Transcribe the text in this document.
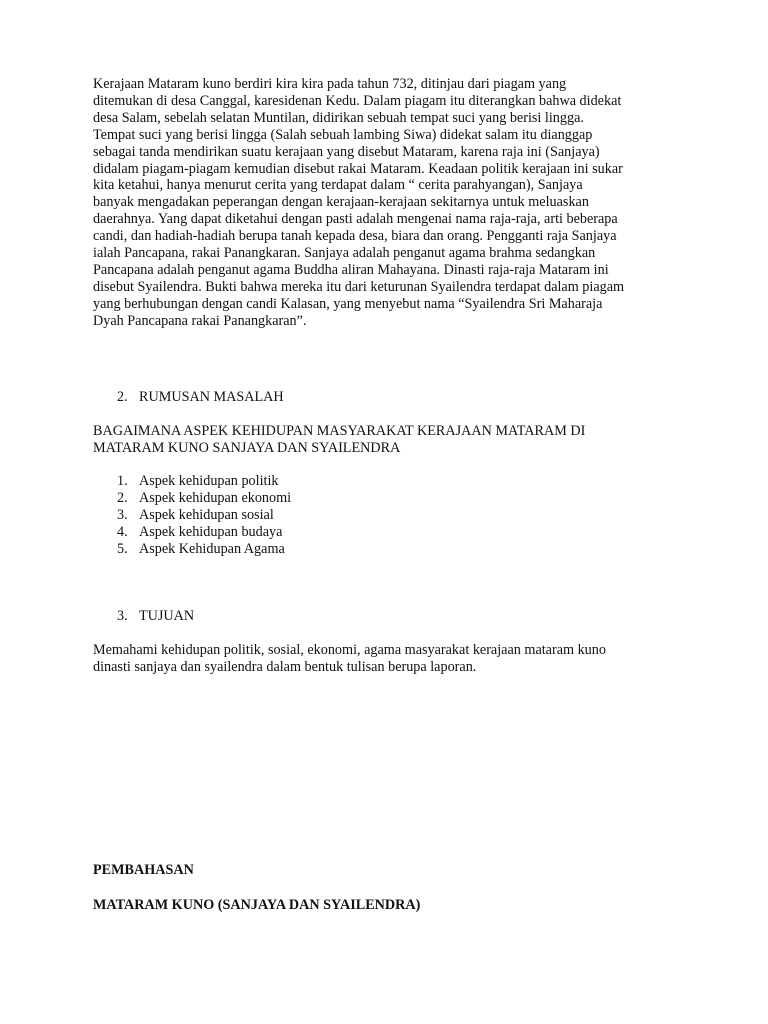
Kerajaan Mataram kuno berdiri kira kira pada tahun 732, ditinjau dari piagam yang
ditemukan di desa Canggal, karesidenan Kedu. Dalam piagam itu diterangkan bahwa didekat
desa Salam, sebelah selatan Muntilan, didirikan sebuah tempat suci yang berisi lingga.
Tempat suci yang berisi lingga (Salah sebuah lambing Siwa) didekat salam itu dianggap
sebagai tanda mendirikan suatu kerajaan yang disebut Mataram, karena raja ini (Sanjaya)
didalam piagam-piagam kemudian disebut rakai Mataram. Keadaan politik kerajaan ini sukar
kita ketahui, hanya menurut cerita yang terdapat dalam “ cerita parahyangan), Sanjaya
banyak mengadakan peperangan dengan kerajaan-kerajaan sekitarnya untuk meluaskan
daerahnya. Yang dapat diketahui dengan pasti adalah mengenai nama raja-raja, arti beberapa
candi, dan hadiah-hadiah berupa tanah kepada desa, biara dan orang. Pengganti raja Sanjaya
ialah Pancapana, rakai Panangkaran. Sanjaya adalah penganut agama brahma sedangkan
Pancapana adalah penganut agama Buddha aliran Mahayana. Dinasti raja-raja Mataram ini
disebut Syailendra. Bukti bahwa mereka itu dari keturunan Syailendra terdapat dalam piagam
yang berhubungan dengan candi Kalasan, yang menyebut nama “Syailendra Sri Maharaja
Dyah Pancapana rakai Panangkaran”.

2. RUMUSAN MASALAH

BAGAIMANA ASPEK KEHIDUPAN MASYARAKAT KERAJAAN MATARAM DI
MATARAM KUNO SANJAYA DAN SYAILENDRA

1. Aspek kehidupan politik
2. Aspek kehidupan ekonomi
3. Aspek kehidupan sosial
4. Aspek kehidupan budaya
5. Aspek Kehidupan Agama

3. TUJUAN

Memahami kehidupan politik, sosial, ekonomi, agama masyarakat kerajaan mataram kuno
dinasti sanjaya dan syailendra dalam bentuk tulisan berupa laporan.

PEMBAHASAN

MATARAM KUNO (SANJAYA DAN SYAILENDRA)
